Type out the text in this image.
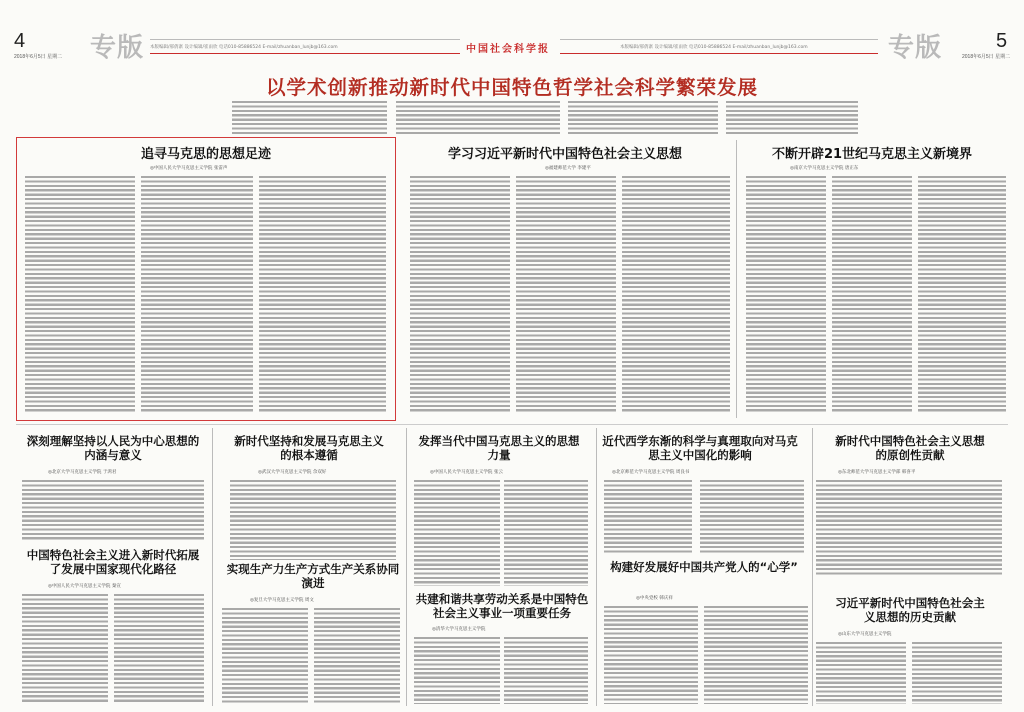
4
2018年6月5日 星期二 专版 本版编辑/郝倩寨 设计编辑/崔雨欣 电话010-85886524 E-mail/zhuanban_lunjb@163.com	中国社会科学报	本版编辑/郝倩寨 设计编辑/崔雨欣 电话010-85886524 E-mail/zhuanban_lunjb@163.com	专版	5
2018年6月5日 星期二
以学术创新推动新时代中国特色哲学社会科学繁荣发展
追寻马克思的思想足迹
◎中国人民大学马克思主义学院 张雷声
学习习近平新时代中国特色社会主义思想
◎福建师范大学 李建平
不断开辟21世纪马克思主义新境界
◎南京大学马克思主义学院 唐正东
深刻理解坚持以人民为中心思想的内涵与意义
◎北京大学马克思主义学院 于鸿君
新时代坚持和发展马克思主义的根本遵循
◎武汉大学马克思主义学院 佘双好
发挥当代中国马克思主义的思想力量
◎中国人民大学马克思主义学院 张云
近代西学东渐的科学与真理取向对马克思主义中国化的影响
◎北京师范大学马克思主义学院 周良书
新时代中国特色社会主义思想的原创性贡献
◎东北师范大学马克思主义学部 韩喜平
中国特色社会主义进入新时代拓展了发展中国家现代化路径
◎中国人民大学马克思主义学院 秦宣
实现生产力生产方式生产关系协同演进
◎复旦大学马克思主义学院 周文	共建和谐共享劳动关系是中国特色社会主义事业一项重要任务
◎清华大学马克思主义学院
构建好发展好中国共产党人的“心学”
◎中央党校 韩庆祥	习近平新时代中国特色社会主义思想的历史贡献
◎山东大学马克思主义学院
